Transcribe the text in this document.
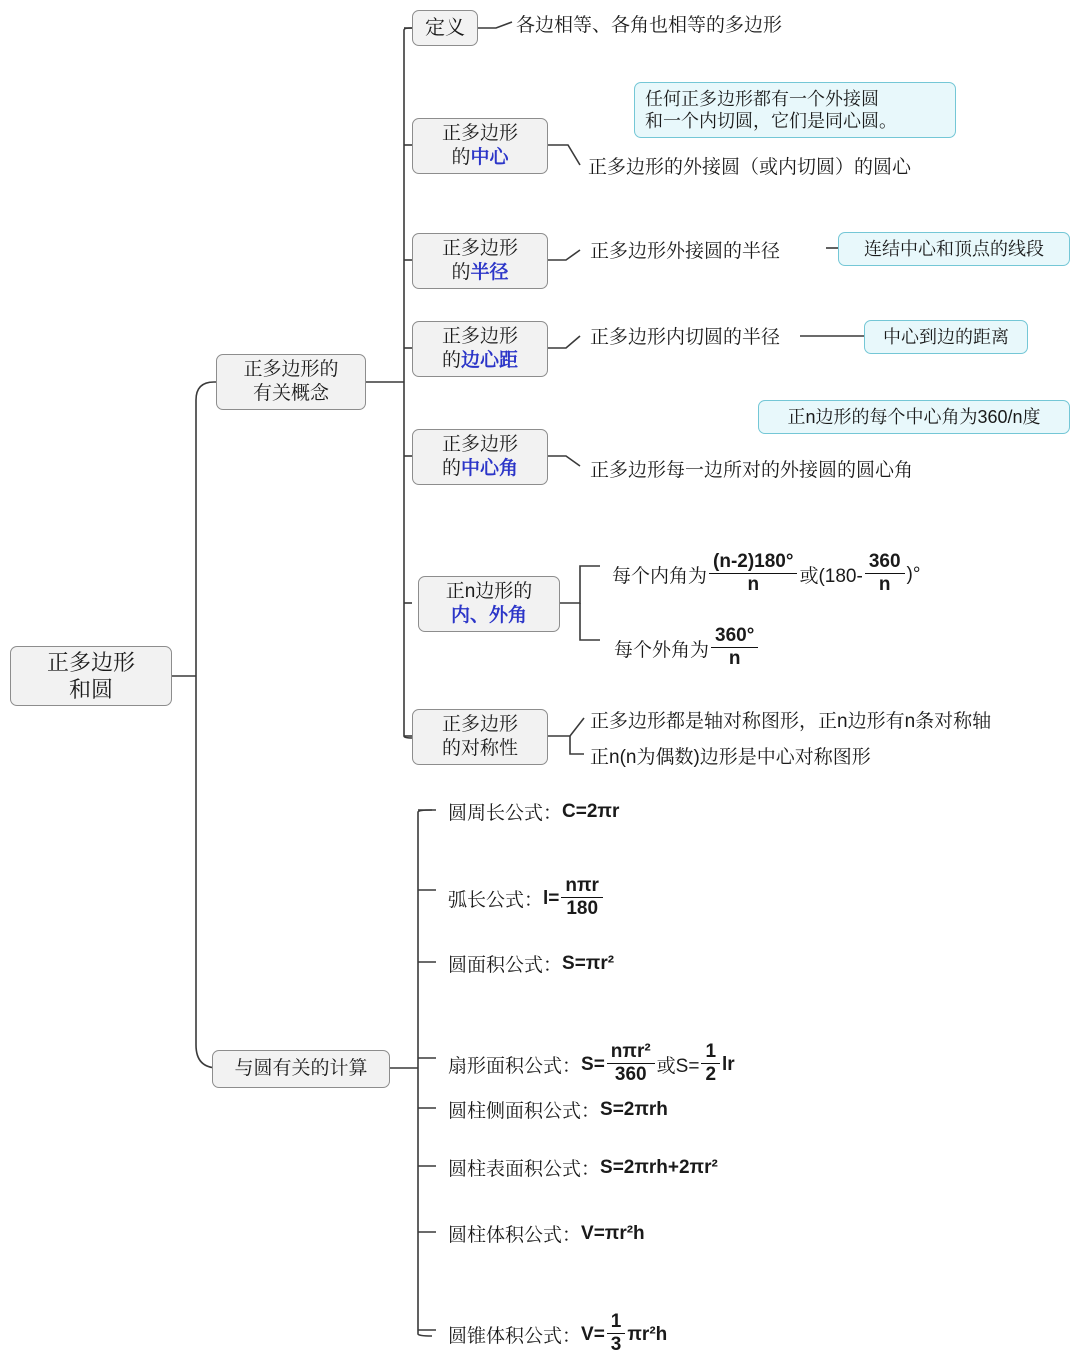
正多边形
和圆
正多边形的
有关概念
与圆有关的计算
定义	各边相等、各角也相等的多边形
正多边形
的中心	正多边形的外接圆（或内切圆）的圆心
任何正多边形都有一个外接圆
和一个内切圆，它们是同心圆。
正多边形
的半径
正多边形外接圆的半径	连结中心和顶点的线段
正多边形
的边心距
正多边形内切圆的半径	中心到边的距离
正多边形
的中心角	正多边形每一边所对的外接圆的圆心角
正n边形的每个中心角为360/n度
正n边形的
内、外角
每个内角为 $\frac{(n-2)180^\circ}{n}$ 或($180- \frac{360}{n}$ )°
每个外角为 $\frac{360^\circ}{n}$
正多边形
的对称性
正多边形都是轴对称图形，正n边形有n条对称轴
正n(n为偶数)边形是中心对称图形
圆周长公式： C=2πr
弧长公式： $l= \frac{\text{nπr}}{180}$
圆面积公式： S=πr²
扇形面积公式： $S= \frac{\text{nπr²}}{360}$ 或$S= \frac{1}{2}$ lr
圆柱侧面积公式： S=2πrh
圆柱表面积公式： S=2πrh+2πr²
圆柱体积公式： V=πr²h
圆锥体积公式： $V= \frac{1}{3} \pi r^2h$
